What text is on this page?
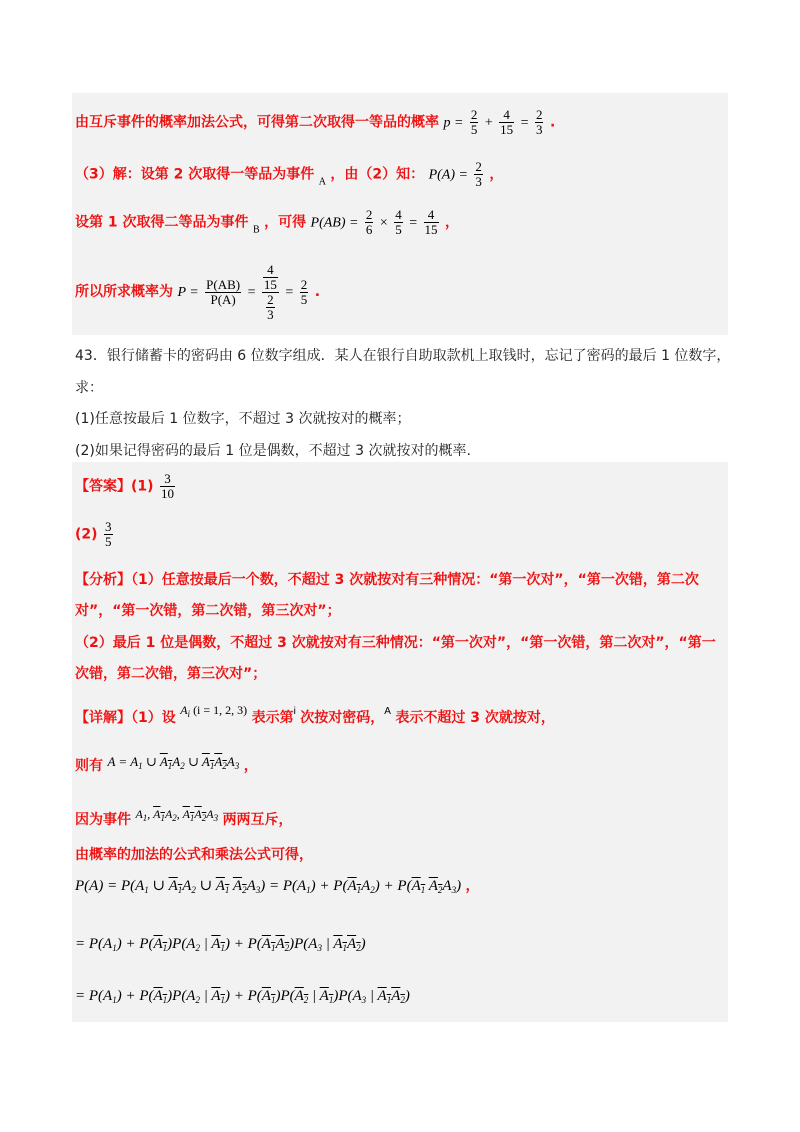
由互斥事件的概率加法公式，可得第二次取得一等品的概率 $p = \frac{2}{5} + \frac{4}{15} = \frac{2}{3}$ .
（3）解：设第 2 次取得一等品为事件 $_A$ ，由（2）知： $P(A) = \frac{2}{3}$ ，
设第 1 次取得二等品为事件 $_B$ ，可得 $P(AB) = \frac{2}{6} \times \frac{4}{5} = \frac{4}{15}$ ，
所以所求概率为 $P = \frac{P(AB)}{P(A)} = \frac{\frac{4}{15}}{\frac{2}{3}} = \frac{2}{5}$ .
43．银行储蓄卡的密码由 6 位数字组成．某人在银行自助取款机上取钱时，忘记了密码的最后 1 位数字，
求：
(1)任意按最后 1 位数字，不超过 3 次就按对的概率；
(2)如果记得密码的最后 1 位是偶数，不超过 3 次就按对的概率.
【答案】$(1) \frac{3}{10}$
$(2) \frac{3}{5}$
【分析】（1）任意按最后一个数，不超过 3 次就按对有三种情况：“第一次对”，“第一次错，第二次
对”，“第一次错，第二次错，第三次对”；
（2）最后 1 位是偶数，不超过 3 次就按对有三种情况：“第一次对”，“第一次错，第二次对”，“第一
次错，第二次错，第三次对”；
【详解】（1）设 $A_i$ (i = 1, 2, 3) 表示第$^i$ 次按对密码，$^A$ 表示不超过 3 次就按对，
则有 $A = A_1$ ∪ $A_1A_2$ ∪ $A_1A_2A_3$ ，
因为事件 $A_1$, $A_1A_2$, $A_1A_2A_3$ 两两互斥，
由概率的加法的公式和乘法公式可得，
$P(A) = P(A_1$ ∪ $A_1A_2$ ∪ $A_1$ $A_2A_3) = P(A_1) + P(A_1A_2) + P(A_1$ $A_2A_3$) ，
= $P(A_1) + P(A_1)P(A_2$ | $A_1) + P(A_1A_2)P(A_3$ | $A_1A_2$)
= $P(A_1) + P(A_1)P(A_2$ | $A_1) + P(A_1)P(A_2$ | $A_1)P(A_3$ | $A_1A_2$)
